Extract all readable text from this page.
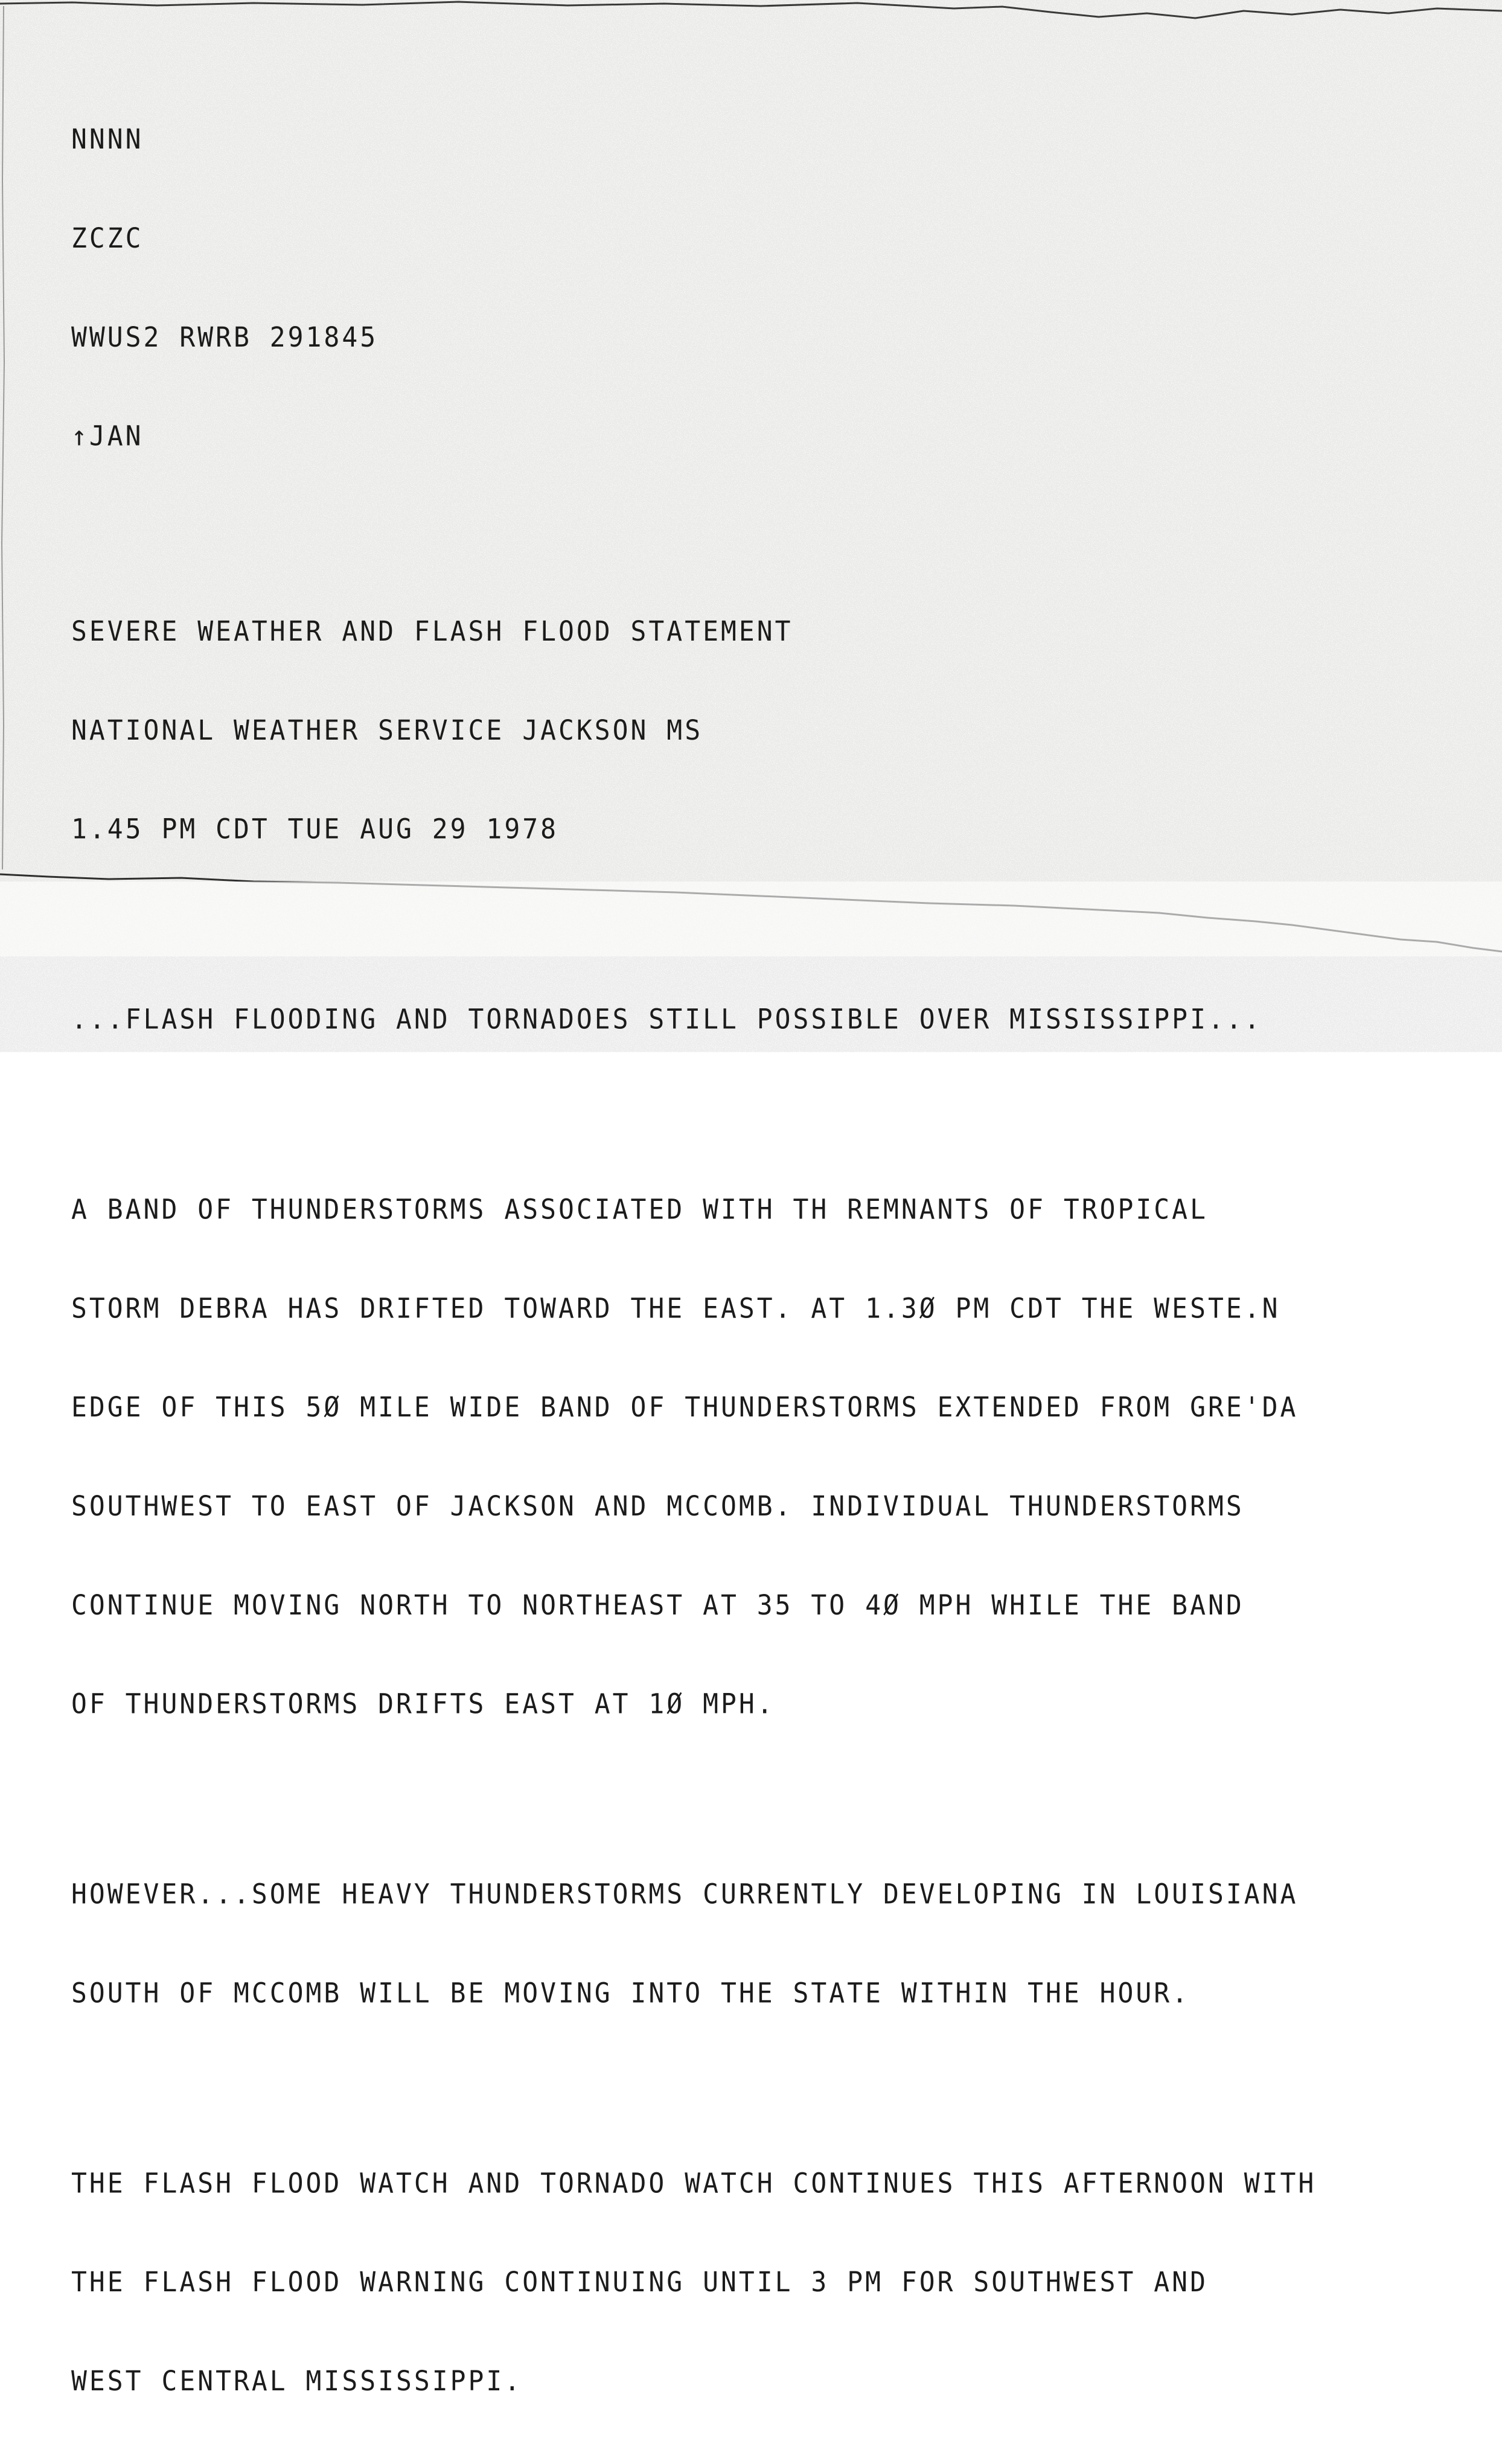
NNNN

ZCZC

WWUS2 RWRB 291845

↑JAN

SEVERE WEATHER AND FLASH FLOOD STATEMENT

NATIONAL WEATHER SERVICE JACKSON MS

1.45 PM CDT TUE AUG 29 1978

...FLASH FLOODING AND TORNADOES STILL POSSIBLE OVER MISSISSIPPI...

A BAND OF THUNDERSTORMS ASSOCIATED WITH TH REMNANTS OF TROPICAL

STORM DEBRA HAS DRIFTED TOWARD THE EAST. AT 1.3Ø PM CDT THE WESTE.N

EDGE OF THIS 5Ø MILE WIDE BAND OF THUNDERSTORMS EXTENDED FROM GRE'DA

SOUTHWEST TO EAST OF JACKSON AND MCCOMB. INDIVIDUAL THUNDERSTORMS

CONTINUE MOVING NORTH TO NORTHEAST AT 35 TO 4Ø MPH WHILE THE BAND

OF THUNDERSTORMS DRIFTS EAST AT 1Ø MPH.

HOWEVER...SOME HEAVY THUNDERSTORMS CURRENTLY DEVELOPING IN LOUISIANA

SOUTH OF MCCOMB WILL BE MOVING INTO THE STATE WITHIN THE HOUR.

THE FLASH FLOOD WATCH AND TORNADO WATCH CONTINUES THIS AFTERNOON WITH

THE FLASH FLOOD WARNING CONTINUING UNTIL 3 PM FOR SOUTHWEST AND

WEST CENTRAL MISSISSIPPI.
